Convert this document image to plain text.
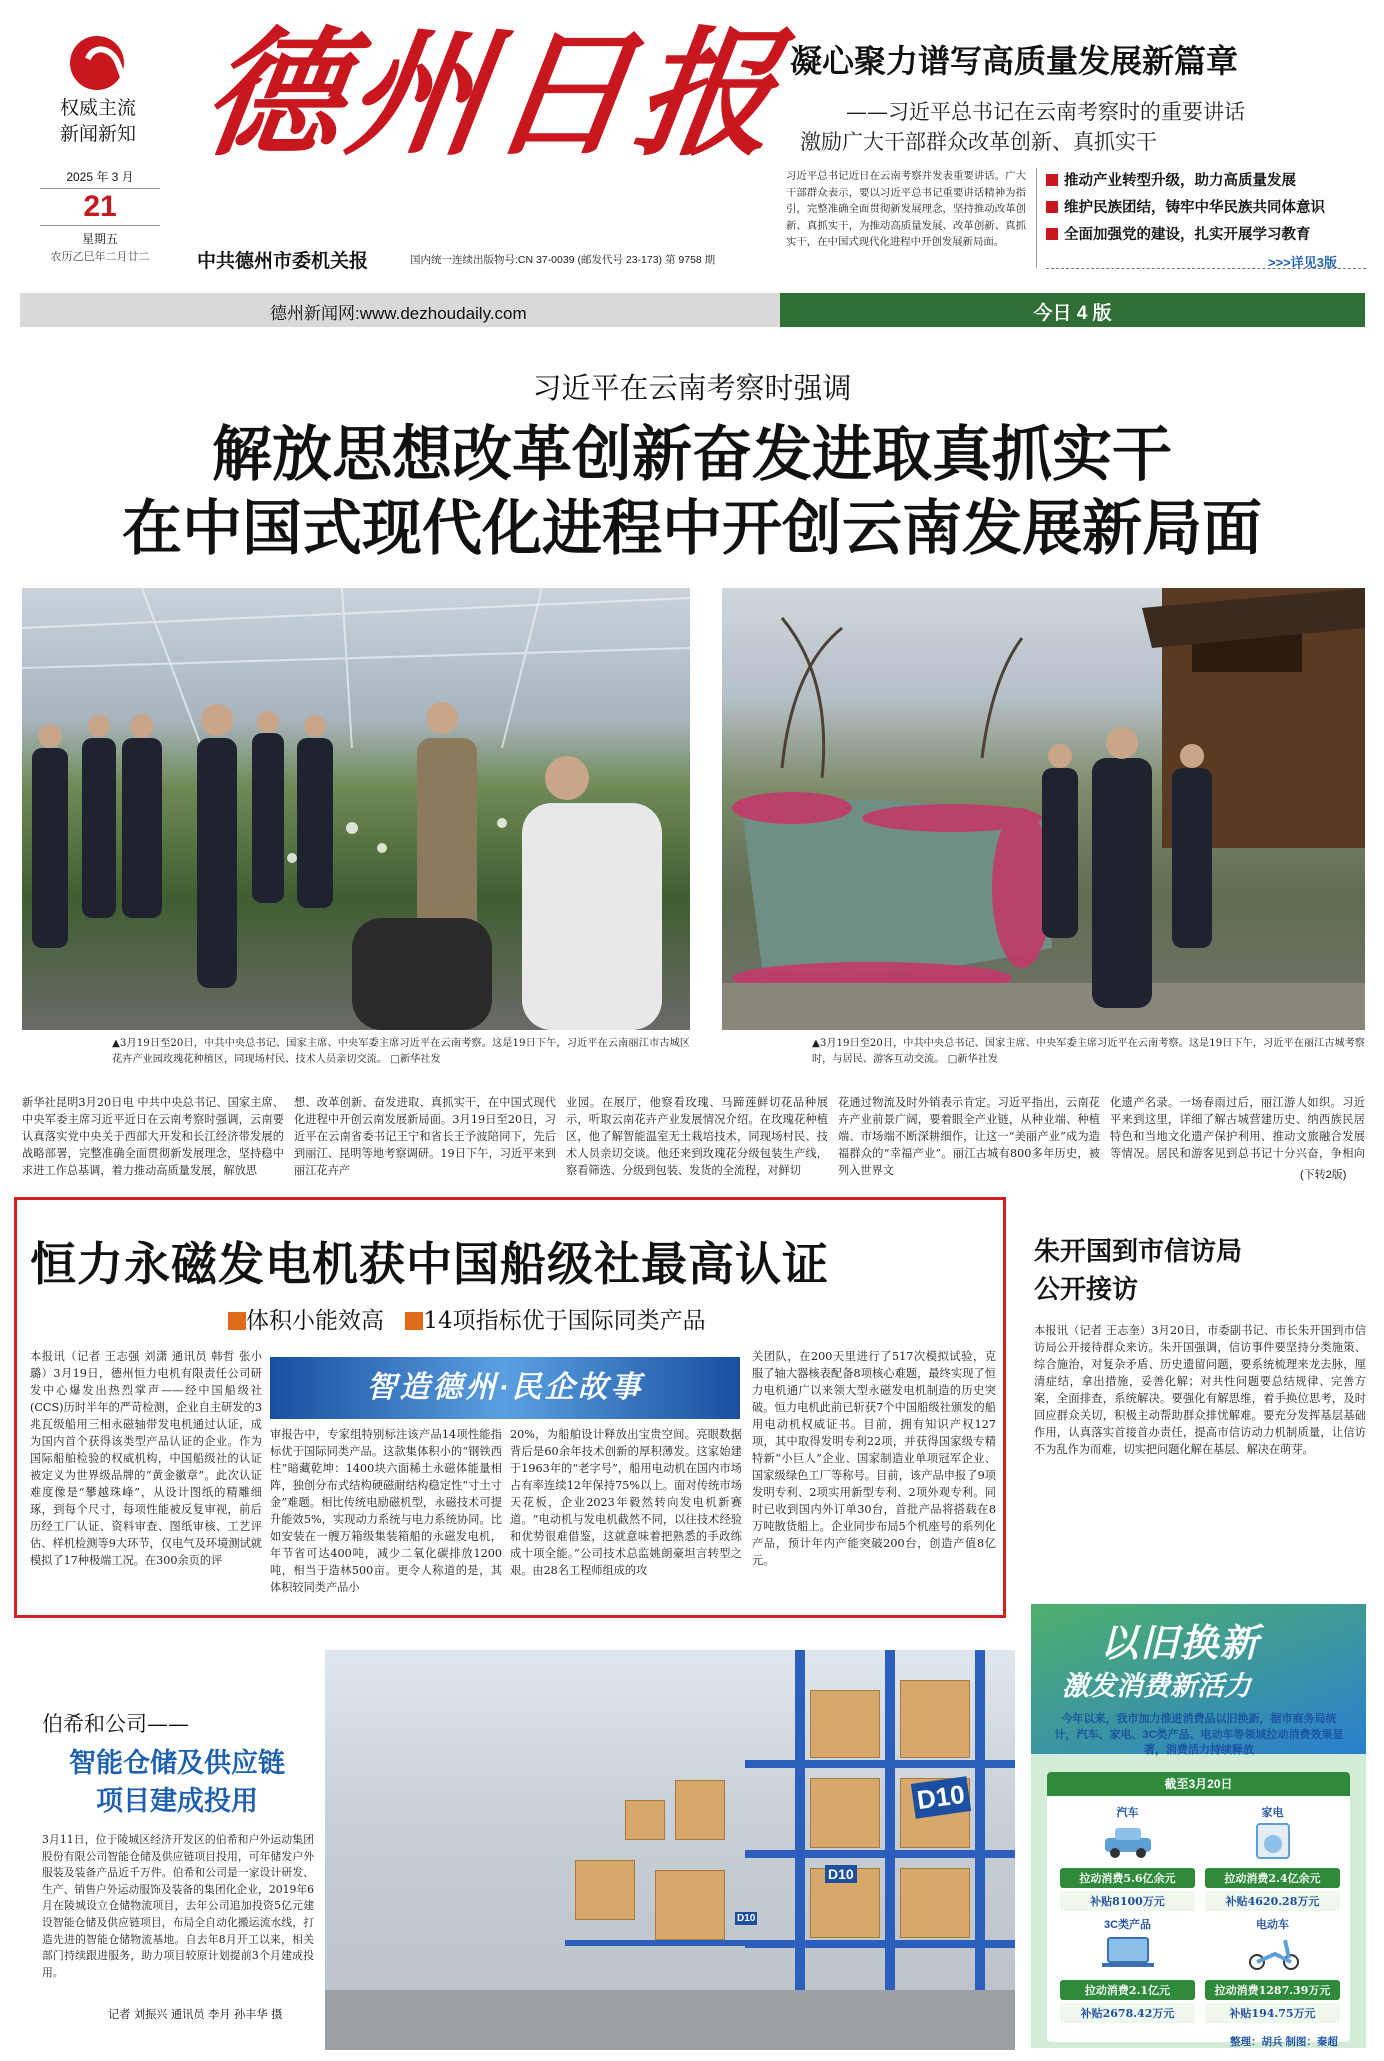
权威主流
新闻新知
2025 年 3 月
21
星期五
农历乙巳年二月廿二
德州日报
中共德州市委机关报	国内统一连续出版物号:CN 37-0039 (邮发代号 23-173) 第 9758 期
凝心聚力谱写高质量发展新篇章
——习近平总书记在云南考察时的重要讲话
激励广大干部群众改革创新、真抓实干
习近平总书记近日在云南考察并发表重要讲话。广大干部群众表示，要以习近平总书记重要讲话精神为指引，完整准确全面贯彻新发展理念，坚持推动改革创新、真抓实干，为推动高质量发展、改革创新、真抓实干，在中国式现代化进程中开创发展新局面。
推动产业转型升级，助力高质量发展
维护民族团结，铸牢中华民族共同体意识
全面加强党的建设，扎实开展学习教育
>>>详见3版
德州新闻网:www.dezhoudaily.com	今日 4 版
习近平在云南考察时强调
解放思想改革创新奋发进取真抓实干
在中国式现代化进程中开创云南发展新局面
▲3月19日至20日，中共中央总书记、国家主席、中央军委主席习近平在云南考察。这是19日下午，习近平在云南丽江市古城区花卉产业园玫瑰花种植区，同现场村民、技术人员亲切交流。 □新华社发
▲3月19日至20日，中共中央总书记、国家主席、中央军委主席习近平在云南考察。这是19日下午，习近平在丽江古城考察时，与居民、游客互动交流。 □新华社发
新华社昆明3月20日电 中共中央总书记、国家主席、中央军委主席习近平近日在云南考察时强调，云南要认真落实党中央关于西部大开发和长江经济带发展的战略部署，完整准确全面贯彻新发展理念，坚持稳中求进工作总基调，着力推动高质量发展，解放思
想、改革创新、奋发进取、真抓实干，在中国式现代化进程中开创云南发展新局面。3月19日至20日，习近平在云南省委书记王宁和省长王予波陪同下，先后到丽江、昆明等地考察调研。19日下午，习近平来到丽江花卉产
业园。在展厅，他察看玫瑰、马蹄莲鲜切花品种展示，听取云南花卉产业发展情况介绍。在玫瑰花种植区，他了解智能温室无土栽培技术，同现场村民、技术人员亲切交谈。他还来到玫瑰花分级包装生产线，察看筛选、分级到包装、发货的全流程，对鲜切
花通过物流及时外销表示肯定。习近平指出，云南花卉产业前景广阔，要着眼全产业链，从种业端、种植端、市场端不断深耕细作，让这一“美丽产业”成为造福群众的“幸福产业”。丽江古城有800多年历史，被列入世界文
化遗产名录。一场春雨过后，丽江游人如织。习近平来到这里，详细了解古城营建历史、纳西族民居特色和当地文化遗产保护利用、推动文旅融合发展等情况。居民和游客见到总书记十分兴奋，争相向
(下转2版)
恒力永磁发电机获中国船级社最高认证
体积小能效高 14项指标优于国际同类产品
智造德州·民企故事
本报讯（记者 王志强 刘潇 通讯员 韩哲 张小璐）3月19日，德州恒力电机有限责任公司研发中心爆发出热烈掌声——经中国船级社(CCS)历时半年的严苛检测，企业自主研发的3兆瓦级船用三相永磁轴带发电机通过认证，成为国内首个获得该类型产品认证的企业。作为国际船舶检验的权威机构，中国船级社的认证被定义为世界级品牌的“黄金徽章”。此次认证难度像是“攀越珠峰”，从设计图纸的精雕细琢，到每个尺寸，每项性能被反复审视，前后历经工厂认证、资料审查、图纸审核、工艺评估、样机检测等9大环节，仅电气及环境测试就模拟了17种极端工况。在300余页的评
审报告中，专家组特别标注该产品14项性能指标优于国际同类产品。这款集体积小的“钢铁西柱”暗藏乾坤：1400块六面稀土永磁体能量相阵，独创分布式结构硬磁耐结构稳定性“寸土寸金”难题。相比传统电励磁机型，永磁技术可提升能效5%，实现动力系统与电力系统协同。比如安装在一艘万箱级集装箱船的永磁发电机，年节省可达400吨，减少二氧化碳排放1200吨，相当于造林500亩。更令人称道的是，其体积较同类产品小
20%，为船舶设计释放出宝贵空间。亮眼数据背后是60余年技术创新的厚积薄发。这家始建于1963年的“老字号”，船用电动机在国内市场占有率连续12年保持75%以上。面对传统市场天花板，企业2023年毅然转向发电机新赛道。“电动机与发电机截然不同，以往技术经验和优势很难借鉴，这就意味着把熟悉的手政练成十项全能。”公司技术总监姚朗豪坦言转型之艰。由28名工程师组成的攻
关团队，在200天里进行了517次模拟试验，克服了轴大器核表配备8项核心难题，最终实现了恒力电机通广以来领大型永磁发电机制造的历史突破。恒力电机此前已斩获7个中国船级社颁发的船用电动机权威证书。目前，拥有知识产权127项，其中取得发明专利22项，并获得国家级专精特新“小巨人”企业、国家制造业单项冠军企业、国家级绿色工厂等称号。目前，该产品申报了9项发明专利、2项实用新型专利、2项外观专利。同时已收到国内外订单30台，首批产品将搭载在8万吨散货船上。企业同步布局5个机座号的系列化产品，预计年内产能突破200台，创造产值8亿元。
朱开国到市信访局
公开接访
本报讯（记者 王志奎）3月20日，市委副书记、市长朱开国到市信访局公开接待群众来访。朱开国强调，信访事件要坚持分类施策、综合施治，对复杂矛盾、历史遗留问题，要系统梳理来龙去脉，厘清症结，拿出措施，妥善化解；对共性问题要总结规律、完善方案，全面排查，系统解决。要强化有解思维，着手换位思考，及时回应群众关切，积极主动帮助群众排忧解难。要充分发挥基层基础作用，认真落实首接首办责任，提高市信访动力机制质量，让信访不为乱作为而难，切实把问题化解在基层、解决在萌芽。
伯希和公司——
智能仓储及供应链
项目建成投用
3月11日，位于陵城区经济开发区的伯希和户外运动集团股份有限公司智能仓储及供应链项目投用，可年储发户外服装及装备产品近千万件。伯希和公司是一家设计研发、生产、销售户外运动服饰及装备的集团化企业，2019年6月在陵城设立仓储物流项目，去年公司追加投资5亿元建设智能仓储及供应链项目，布局全自动化搬运流水线，打造先进的智能仓储物流基地。自去年8月开工以来，相关部门持续跟进服务，助力项目较原计划提前3个月建成投用。
记者 刘振兴 通讯员 李月 孙丰华 摄
D10
D10
D10
以旧换新
激发消费新活力
今年以来，我市加力推进消费品以旧换新，据市商务局统计，汽车、家电、3C类产品、电动车等领域拉动消费效果显著，消费活力持续释放
截至3月20日
汽车
拉动消费5.6亿余元
补贴8100万元
家电
拉动消费2.4亿余元
补贴4620.28万元
3C类产品
拉动消费2.1亿元
补贴2678.42万元
电动车
拉动消费1287.39万元
补贴194.75万元
整理：胡兵 制图：秦超
